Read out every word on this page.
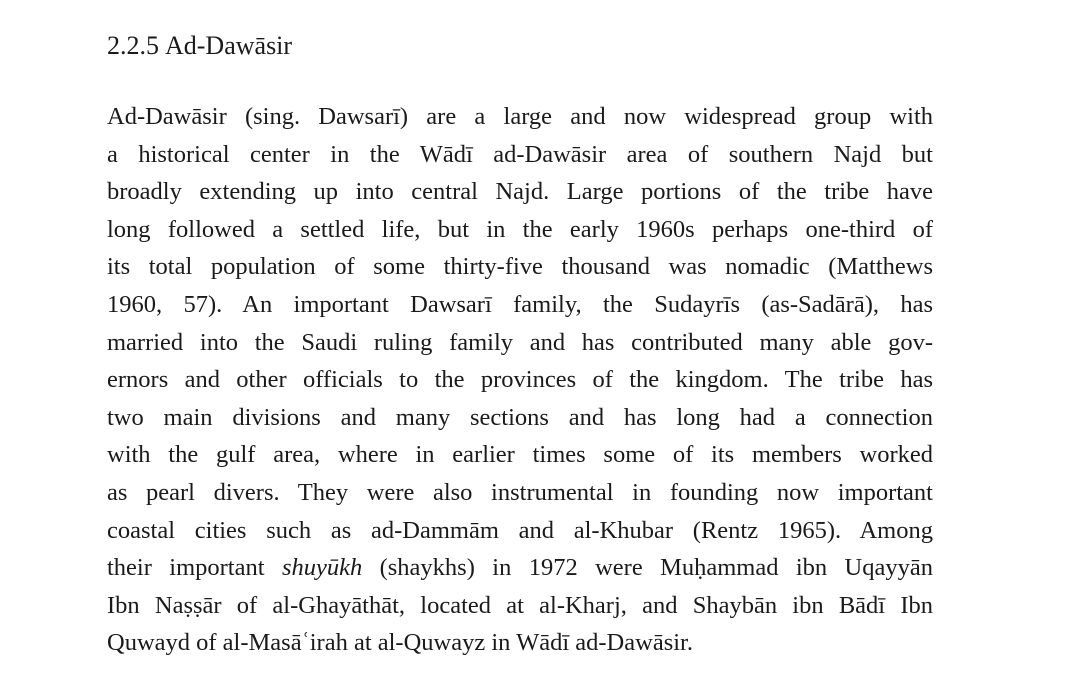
2.2.5 Ad-Dawāsir

Ad-Dawāsir (sing. Dawsarī) are a large and now widespread group with
a historical center in the Wādī ad-Dawāsir area of southern Najd but
broadly extending up into central Najd. Large portions of the tribe have
long followed a settled life, but in the early 1960s perhaps one-third of
its total population of some thirty-five thousand was nomadic (Matthews
1960, 57). An important Dawsarī family, the Sudayrīs (as-Sadārā), has
married into the Saudi ruling family and has contributed many able gov-
ernors and other officials to the provinces of the kingdom. The tribe has
two main divisions and many sections and has long had a connection
with the gulf area, where in earlier times some of its members worked
as pearl divers. They were also instrumental in founding now important
coastal cities such as ad-Dammām and al-Khubar (Rentz 1965). Among
their important shuyūkh (shaykhs) in 1972 were Muḥammad ibn Uqayyān
Ibn Naṣṣār of al-Ghayāthāt, located at al-Kharj, and Shaybān ibn Bādī Ibn
Quwayd of al-Masāʿirah at al-Quwayz in Wādī ad-Dawāsir.
